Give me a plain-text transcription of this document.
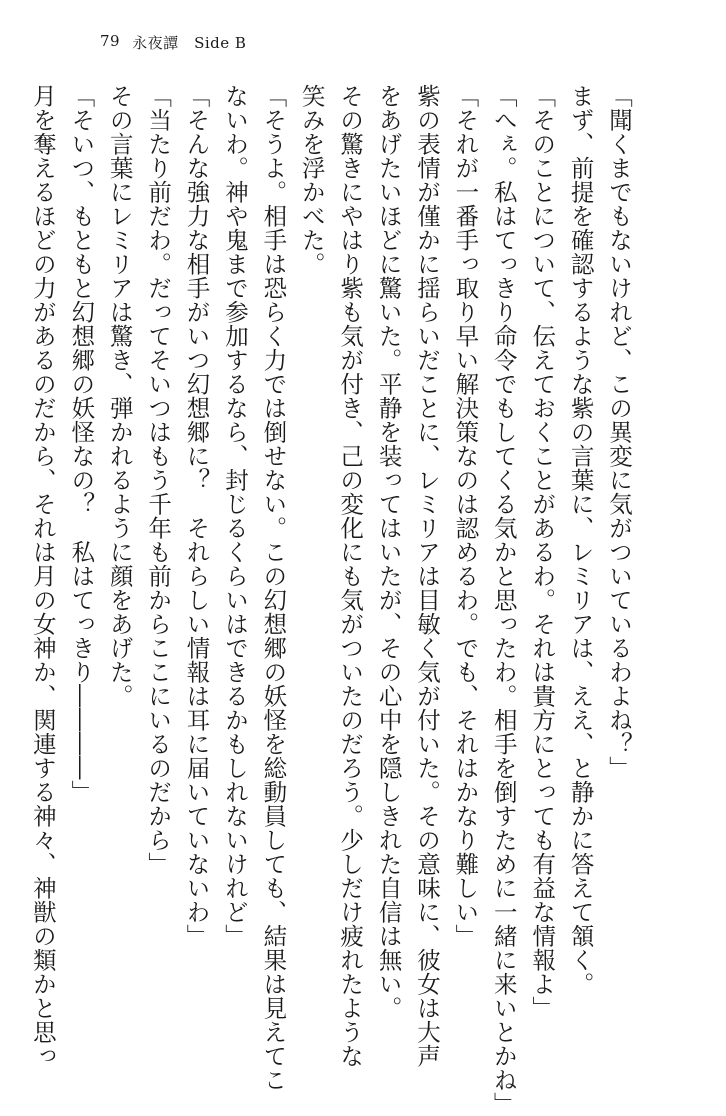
79 永夜譚　Side B
「聞くまでもないけれど、この異変に気がついているわよね？」
まず、前提を確認するような紫の言葉に、レミリアは、ええ、と静かに答えて頷く。
「そのことについて、伝えておくことがあるわ。それは貴方にとっても有益な情報よ」
「へぇ。私はてっきり命令でもしてくる気かと思ったわ。相手を倒すために一緒に来いとかね」
「それが一番手っ取り早い解決策なのは認めるわ。でも、それはかなり難しい」
紫の表情が僅かに揺らいだことに、レミリアは目敏く気が付いた。その意味に、彼女は大声
をあげたいほどに驚いた。平静を装ってはいたが、その心中を隠しきれた自信は無い。
その驚きにやはり紫も気が付き、己の変化にも気がついたのだろう。少しだけ疲れたような
笑みを浮かべた。
「そうよ。相手は恐らく力では倒せない。この幻想郷の妖怪を総動員しても、結果は見えてこ
ないわ。神や鬼まで参加するなら、封じるくらいはできるかもしれないけれど」
「そんな強力な相手がいつ幻想郷に？　それらしい情報は耳に届いていないわ」
「当たり前だわ。だってそいつはもう千年も前からここにいるのだから」
その言葉にレミリアは驚き、弾かれるように顔をあげた。
「そいつ、もともと幻想郷の妖怪なの？　私はてっきり――――」
月を奪えるほどの力があるのだから、それは月の女神か、関連する神々、神獣の類かと思っ
